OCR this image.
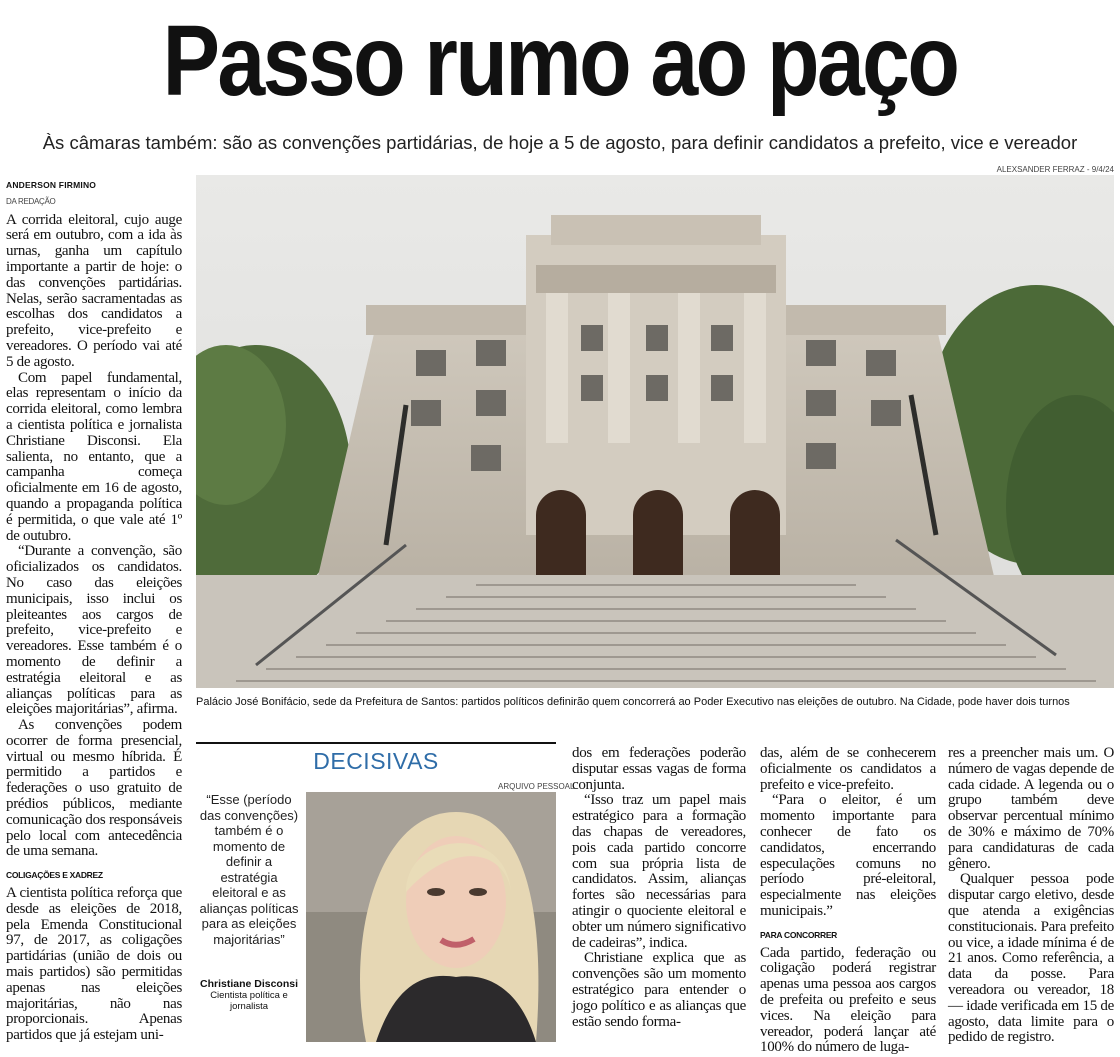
Passo rumo ao paço
Às câmaras também: são as convenções partidárias, de hoje a 5 de agosto, para definir candidatos a prefeito, vice e vereador
ALEXSANDER FERRAZ - 9/4/24
Palácio José Bonifácio, sede da Prefeitura de Santos: partidos políticos definirão quem concorrerá ao Poder Executivo nas eleições de outubro. Na Cidade, pode haver dois turnos
ANDERSON FIRMINO
DA REDAÇÃO

A corrida eleitoral, cujo auge será em outubro, com a ida às urnas, ganha um capítulo importante a partir de hoje: o das convenções partidárias. Nelas, serão sacramentadas as escolhas dos candidatos a prefeito, vice-prefeito e vereadores. O período vai até 5 de agosto.

Com papel fundamental, elas representam o início da corrida eleitoral, como lembra a cientista política e jornalista Christiane Disconsi. Ela salienta, no entanto, que a campanha começa oficialmente em 16 de agosto, quando a propaganda política é permitida, o que vale até 1º de outubro.

“Durante a convenção, são oficializados os candidatos. No caso das eleições municipais, isso inclui os pleiteantes aos cargos de prefeito, vice-prefeito e vereadores. Esse também é o momento de definir a estratégia eleitoral e as alianças políticas para as eleições majoritárias”, afirma.

As convenções podem ocorrer de forma presencial, virtual ou mesmo híbrida. É permitido a partidos e federações o uso gratuito de prédios públicos, mediante comunicação dos responsáveis pelo local com antecedência de uma semana.

COLIGAÇÕES E XADREZ

A cientista política reforça que desde as eleições de 2018, pela Emenda Constitucional 97, de 2017, as coligações partidárias (união de dois ou mais partidos) são permitidas apenas nas eleições majoritárias, não nas proporcionais. Apenas partidos que já estejam uni-

DECISIVAS
ARQUIVO PESSOAL
“Esse (período das convenções) também é o momento de definir a estratégia eleitoral e as alianças políticas para as eleições majoritárias”
Christiane Disconsi
Cientista política e jornalista

dos em federações poderão disputar essas vagas de forma conjunta.

“Isso traz um papel mais estratégico para a formação das chapas de vereadores, pois cada partido concorre com sua própria lista de candidatos. Assim, alianças fortes são necessárias para atingir o quociente eleitoral e obter um número significativo de cadeiras”, indica.

Christiane explica que as convenções são um momento estratégico para entender o jogo político e as alianças que estão sendo forma-

das, além de se conhecerem oficialmente os candidatos a prefeito e vice-prefeito.

“Para o eleitor, é um momento importante para conhecer de fato os candidatos, encerrando especulações comuns no período pré-eleitoral, especialmente nas eleições municipais.”

PARA CONCORRER

Cada partido, federação ou coligação poderá registrar apenas uma pessoa aos cargos de prefeita ou prefeito e seus vices. Na eleição para vereador, poderá lançar até 100% do número de luga-

res a preencher mais um. O número de vagas depende de cada cidade. A legenda ou o grupo também deve observar percentual mínimo de 30% e máximo de 70% para candidaturas de cada gênero.

Qualquer pessoa pode disputar cargo eletivo, desde que atenda a exigências constitucionais. Para prefeito ou vice, a idade mínima é de 21 anos. Como referência, a data da posse. Para vereadora ou vereador, 18 — idade verificada em 15 de agosto, data limite para o pedido de registro.
